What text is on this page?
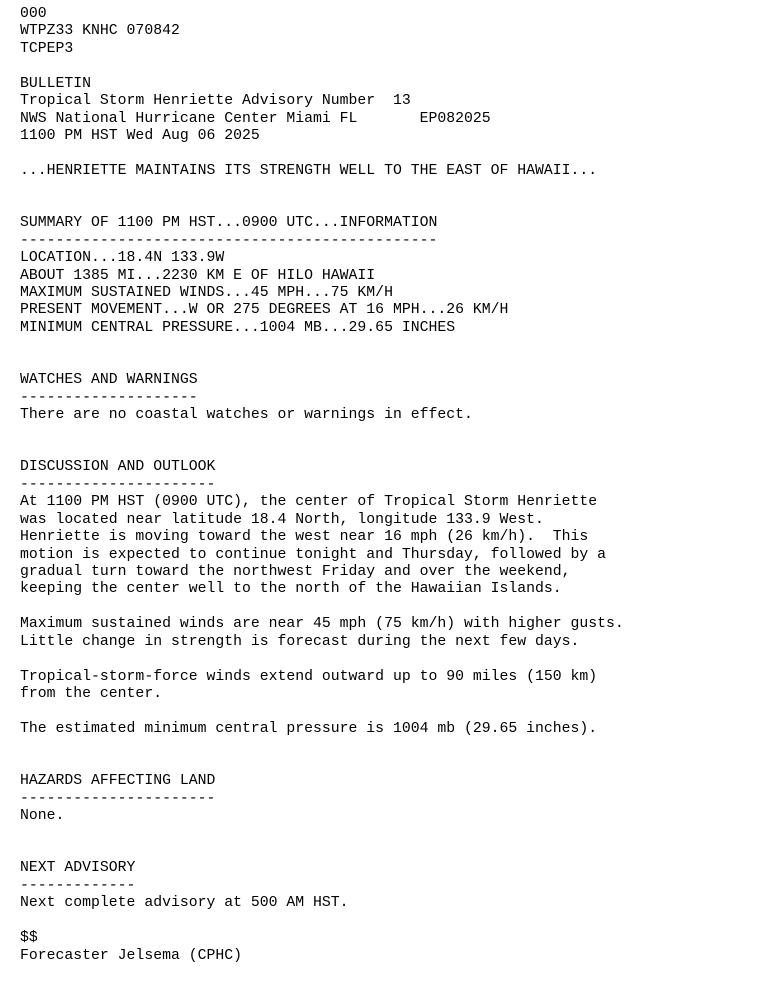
000
WTPZ33 KNHC 070842
TCPEP3
BULLETIN
Tropical Storm Henriette Advisory Number  13
NWS National Hurricane Center Miami FL       EP082025
1100 PM HST Wed Aug 06 2025
...HENRIETTE MAINTAINS ITS STRENGTH WELL TO THE EAST OF HAWAII...
SUMMARY OF 1100 PM HST...0900 UTC...INFORMATION
-----------------------------------------------
LOCATION...18.4N 133.9W
ABOUT 1385 MI...2230 KM E OF HILO HAWAII
MAXIMUM SUSTAINED WINDS...45 MPH...75 KM/H
PRESENT MOVEMENT...W OR 275 DEGREES AT 16 MPH...26 KM/H
MINIMUM CENTRAL PRESSURE...1004 MB...29.65 INCHES
WATCHES AND WARNINGS
--------------------
There are no coastal watches or warnings in effect.
DISCUSSION AND OUTLOOK
----------------------
At 1100 PM HST (0900 UTC), the center of Tropical Storm Henriette
was located near latitude 18.4 North, longitude 133.9 West.
Henriette is moving toward the west near 16 mph (26 km/h).  This
motion is expected to continue tonight and Thursday, followed by a
gradual turn toward the northwest Friday and over the weekend,
keeping the center well to the north of the Hawaiian Islands.
Maximum sustained winds are near 45 mph (75 km/h) with higher gusts.
Little change in strength is forecast during the next few days.
Tropical-storm-force winds extend outward up to 90 miles (150 km)
from the center.
The estimated minimum central pressure is 1004 mb (29.65 inches).
HAZARDS AFFECTING LAND
----------------------
None.
NEXT ADVISORY
-------------
Next complete advisory at 500 AM HST.
$$
Forecaster Jelsema (CPHC)
